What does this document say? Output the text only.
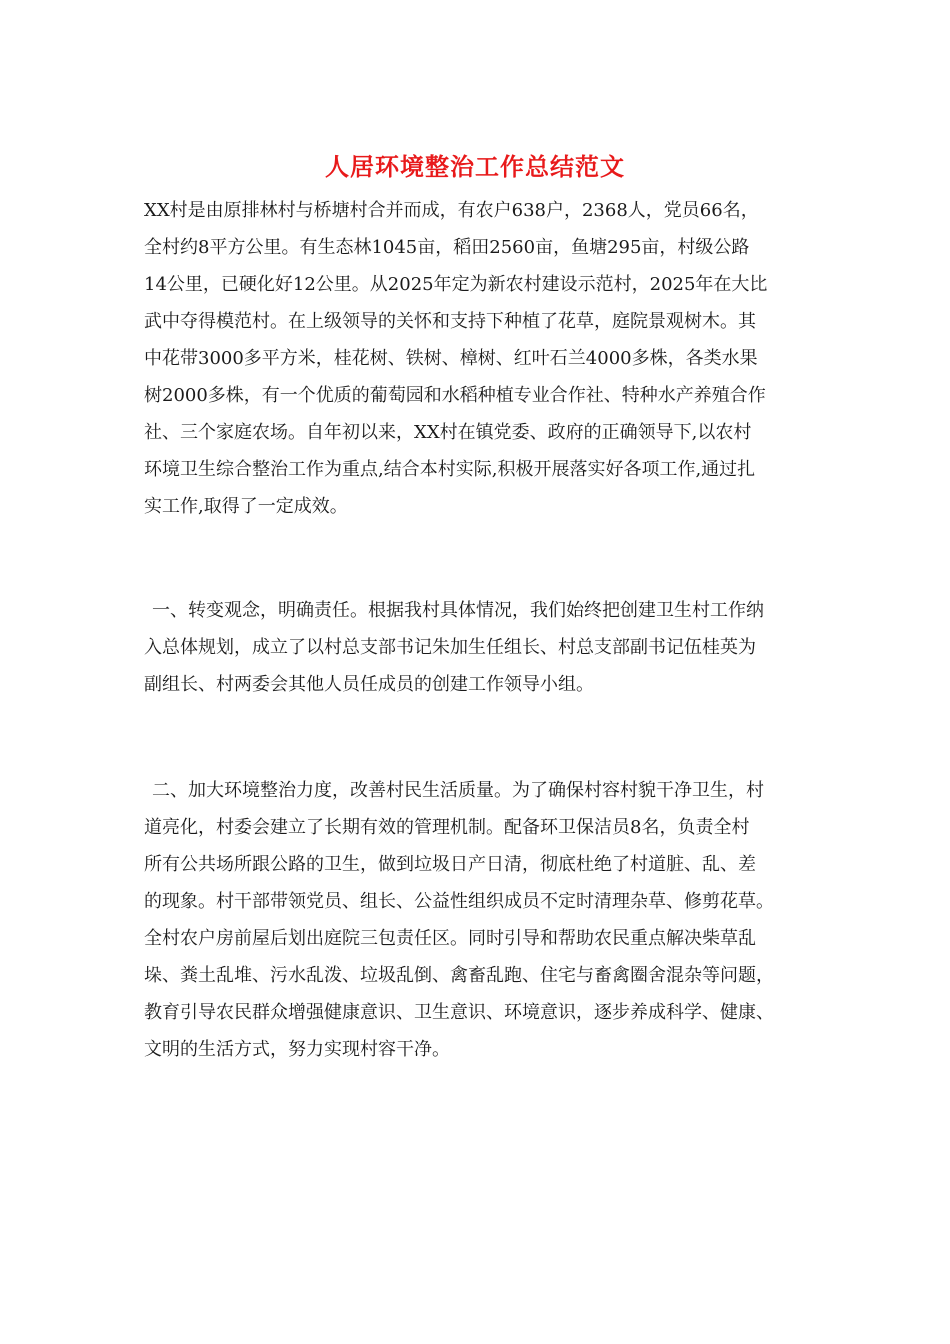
人居环境整治工作总结范文
XX村是由原排林村与桥塘村合并而成，有农户638户，2368人，党员66名，
全村约8平方公里。有生态林1045亩，稻田2560亩，鱼塘295亩，村级公路
14公里，已硬化好12公里。从2025年定为新农村建设示范村，2025年在大比
武中夺得模范村。在上级领导的关怀和支持下种植了花草，庭院景观树木。其
中花带3000多平方米，桂花树、铁树、樟树、红叶石兰4000多株，各类水果
树2000多株，有一个优质的葡萄园和水稻种植专业合作社、特种水产养殖合作
社、三个家庭农场。自年初以来，XX村在镇党委、政府的正确领导下,以农村
环境卫生综合整治工作为重点,结合本村实际,积极开展落实好各项工作,通过扎
实工作,取得了一定成效。
一、转变观念，明确责任。根据我村具体情况，我们始终把创建卫生村工作纳
入总体规划，成立了以村总支部书记朱加生任组长、村总支部副书记伍桂英为
副组长、村两委会其他人员任成员的创建工作领导小组。
二、加大环境整治力度，改善村民生活质量。为了确保村容村貌干净卫生，村
道亮化，村委会建立了长期有效的管理机制。配备环卫保洁员8名，负责全村
所有公共场所跟公路的卫生，做到垃圾日产日清，彻底杜绝了村道脏、乱、差
的现象。村干部带领党员、组长、公益性组织成员不定时清理杂草、修剪花草。
全村农户房前屋后划出庭院三包责任区。同时引导和帮助农民重点解决柴草乱
垛、粪土乱堆、污水乱泼、垃圾乱倒、禽畜乱跑、住宅与畜禽圈舍混杂等问题，
教育引导农民群众增强健康意识、卫生意识、环境意识，逐步养成科学、健康、
文明的生活方式，努力实现村容干净。
